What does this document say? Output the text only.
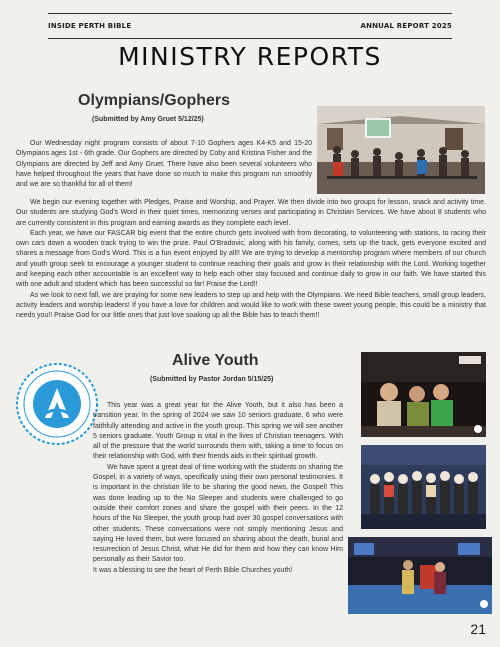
INSIDE PERTH BIBLE	ANNUAL REPORT 2025
MINISTRY REPORTS
Olympians/Gophers
(Submitted by Amy Gruet 5/12/25)

Our Wednesday night program consists of about 7-10 Gophers ages K4-K5 and 15-20 Olympians ages 1st - 6th grade. Our Gophers are directed by Coby and Kristina Fisher and the Olympians are directed by Jeff and Amy Gruet. There have also been several volunteers who have helped throughout the years that have done so much to make this program run smoothly and we are so thankful for all of them!

We begin our evening together with Pledges, Praise and Worship, and Prayer. We then divide into two groups for lesson, snack and activity time. Our students are studying God's Word in their quiet times, memorizing verses and participating in Christian Services. We have about 8 students who are currently consistent in this program and earning awards as they complete each level.

Each year, we have our FASCAR big event that the entire church gets involved with from decorating, to volunteering with stations, to racing their own cars down a wooden track trying to win the prize. Paul O'Bradovic, along with his family, comes, sets up the track, gets everyone excited and shares a message from God's Word. This is a fun event enjoyed by all!! We are trying to develop a mentorship program where members of our church and youth group seek to encourage a younger student to continue reaching their goals and grow in their relationship with the Lord. Working together and keeping each other accountable is an excellent way to help each other stay focused and continue daily to grow in our faith. We have started this with one adult and student which has been successful so far! Praise the Lord!!

As we look to next fall, we are praying for some new leaders to step up and help with the Olympians. We need Bible teachers, small group leaders, activity leaders and worship leaders! If you have a love for children and would like to work with these sweet young people, this could be a ministry that needs you!! Praise God for our little ones that just love soaking up all the Bible has to teach them!!

Alive Youth
(Submitted by Pastor Jordan 5/15/25)

This year was a great year for the Alive Youth, but it also has been a transition year. In the spring of 2024 we saw 10 seniors graduate, 6 who were faithfully attending and active in the youth group. This spring we will see another 5 seniors graduate. Youth Group is vital in the lives of Christian teenagers. With all of the pressure that the world surrounds them with, taking a time to focus on their relationship with God, with their friends aids in their spiritual growth.

We have spent a great deal of time working with the students on sharing the Gospel, in a variety of ways, specifically using their own personal testimonies. It is important in the christian life to be sharing the good news, the Gospel! This was done leading up to the No Sleeper and students were challenged to go outside their comfort zones and share the gospel with their peers. In the 12 hours of the No Sleeper, the youth group had over 30 gospel conversations with other students. These conversations were not simply mentioning Jesus and saying He loved them, but were focused on sharing about the death, burial and resurrection of Jesus Christ, what He did for them and how they can know Him personally as their Savior too.

It was a blessing to see the heart of Perth Bible Churches youth!

21
